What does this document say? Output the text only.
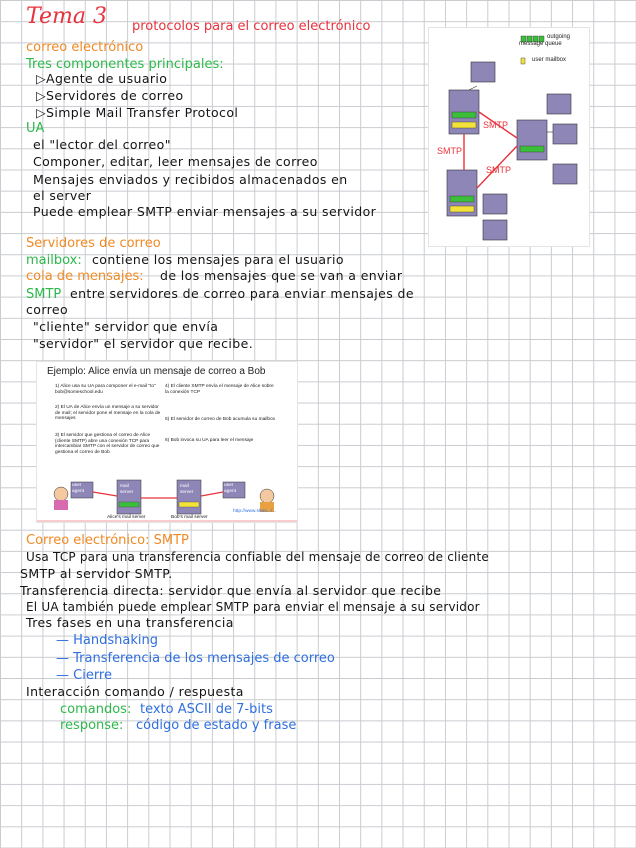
Tema 3 protocolos para el correo electrónico
correo electrónico
Tres componentes principales:
▷Agente de usuario
▷Servidores de correo
▷Simple Mail Transfer Protocol
UA
el "lector del correo"
Componer, editar, leer mensajes de correo
Mensajes enviados y recibidos almacenados en
el server
Puede emplear SMTP enviar mensajes a su servidor
outgoing message queue
user mailbox
SMTP
SMTP
SMTP
Servidores de correo
mailbox: contiene los mensajes para el usuario
cola de mensajes: de los mensajes que se van a enviar
SMTP entre servidores de correo para enviar mensajes de
correo
"cliente" servidor que envía
"servidor" el servidor que recibe.
Ejemplo: Alice envía un mensaje de correo a Bob
1) Alice usa su UA para componer el e-mail "to" bob@someschool.edu
2) El UA de Alice envía un mensaje a su servidor de mail; el servidor pone el mensaje en la cola de mensajes
3) El servidor que gestiona el correo de Alice (cliente SMTP) abre una conexión TCP para intercambiar SMTP con el servidor de correo que gestiona el correo de Bob
4) El cliente SMTP envía el mensaje de Alice sobre la conexión TCP
5) El servidor de correo de Bob acumula su mailbox
6) Bob invoca su UA para leer el mensaje
user agent
mail server
mail server
user agent
Alice's mail server	Bob's mail server
http://www.shoo.../...
Correo electrónico: SMTP
Usa TCP para una transferencia confiable del mensaje de correo de cliente
SMTP al servidor SMTP.
Transferencia directa: servidor que envía al servidor que recibe
El UA también puede emplear SMTP para enviar el mensaje a su servidor
Tres fases en una transferencia
— Handshaking
— Transferencia de los mensajes de correo
— Cierre
Interacción comando / respuesta
comandos: texto ASCII de 7-bits
response: código de estado y frase
